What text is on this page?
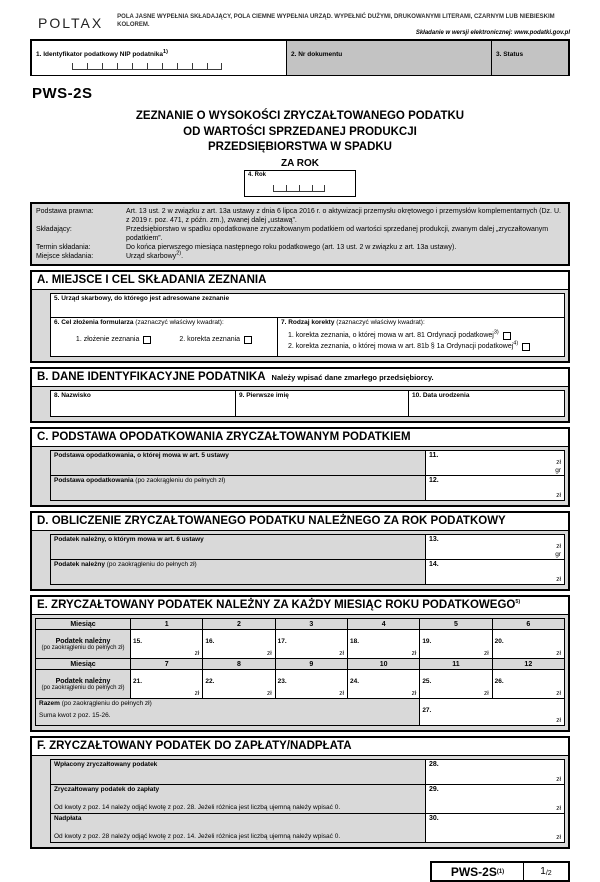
POLTAX POLA JASNE WYPEŁNIA SKŁADAJĄCY, POLA CIEMNE WYPEŁNIA URZĄD. WYPEŁNIĆ DUŻYMI, DRUKOWANYMI LITERAMI, CZARNYM LUB NIEBIESKIM KOLOREM.
Składanie w wersji elektronicznej: www.podatki.gov.pl
1. Identyfikator podatkowy NIP podatnika$^{1)}$	2. Nr dokumentu	3. Status
PWS-2S
ZEZNANIE O WYSOKOŚCI ZRYCZAŁTOWANEGO PODATKU
OD WARTOŚCI SPRZEDANEJ PRODUKCJI
PRZEDSIĘBIORSTWA W SPADKU
ZA ROK
4. Rok
Podstawa prawna:	Art. 13 ust. 2 w związku z art. 13a ustawy z dnia 6 lipca 2016 r. o aktywizacji przemysłu okrętowego i przemysłów komplementarnych (Dz. U. z 2019 r. poz. 471, z późn. zm.), zwanej dalej „ustawą”.
Składający:	Przedsiębiorstwo w spadku opodatkowane zryczałtowanym podatkiem od wartości sprzedanej produkcji, zwanym dalej „zryczałtowanym podatkiem”.
Termin składania:	Do końca pierwszego miesiąca następnego roku podatkowego (art. 13 ust. 2 w związku z art. 13a ustawy).
Miejsce składania:	Urząd skarbowy$^{2)}$.
A. MIEJSCE I CEL SKŁADANIA ZEZNANIA
5. Urząd skarbowy, do którego jest adresowane zeznanie
6. Cel złożenia formularza (zaznaczyć właściwy kwadrat):
1. złożenie zeznania	2. korekta zeznania
7. Rodzaj korekty (zaznaczyć właściwy kwadrat):
1. korekta zeznania, o której mowa w art. 81 Ordynacji podatkowej$^{3)}$
2. korekta zeznania, o której mowa w art. 81b § 1a Ordynacji podatkowej$^{4)}$
B. DANE IDENTYFIKACYJNE PODATNIKA Należy wpisać dane zmarłego przedsiębiorcy.
8. Nazwisko	9. Pierwsze imię	10. Data urodzenia
C. PODSTAWA OPODATKOWANIA ZRYCZAŁTOWANYM PODATKIEM
Podstawa opodatkowania, o której mowa w art. 5 ustawy	11.
zł
gr
Podstawa opodatkowania (po zaokrągleniu do pełnych zł)	12.
zł
D. OBLICZENIE ZRYCZAŁTOWANEGO PODATKU NALEŻNEGO ZA ROK PODATKOWY
Podatek należny, o którym mowa w art. 6 ustawy	13.
zł
gr
Podatek należny (po zaokrągleniu do pełnych zł)	14.
zł
E. ZRYCZAŁTOWANY PODATEK NALEŻNY ZA KAŻDY MIESIĄC ROKU PODATKOWEGO$^{5)}$
Miesiąc	1	2	3	4	5	6

Podatek należny
(po zaokrągleniu do pełnych zł)

15.
zł

16.
zł

17.
zł

18.
zł

19.
zł

20.
zł

Miesiąc	7	8	9	10	11	12

Podatek należny
(po zaokrągleniu do pełnych zł)

21.
zł

22.
zł

23.
zł

24.
zł

25.
zł

26.
zł

Razem (po zaokrągleniu do pełnych zł)
Suma kwot z poz. 15-26.

27.
zł
F. ZRYCZAŁTOWANY PODATEK DO ZAPŁATY/NADPŁATA
Wpłacony zryczałtowany podatek	28.
zł
Zryczałtowany podatek do zapłaty
Od kwoty z poz. 14 należy odjąć kwotę z poz. 28. Jeżeli różnica jest liczbą ujemną należy wpisać 0.
29.
zł
Nadpłata
Od kwoty z poz. 28 należy odjąć kwotę z poz. 14. Jeżeli różnica jest liczbą ujemną należy wpisać 0.
30.
zł
PWS-2S (1)	1 /2
